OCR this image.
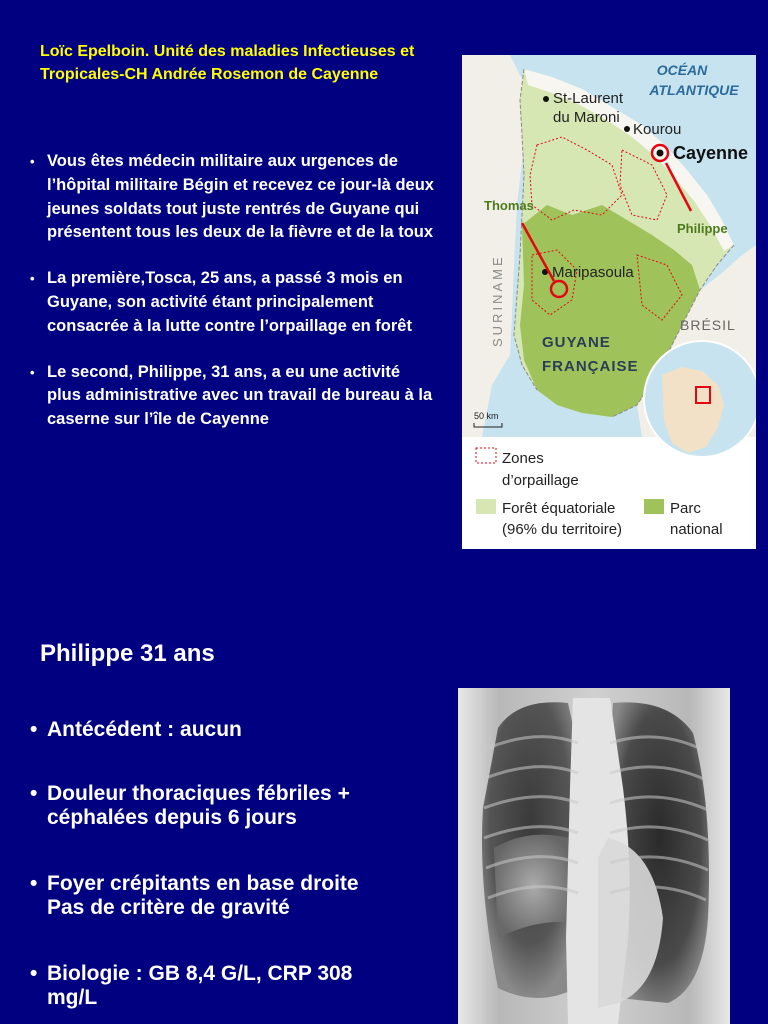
Loïc Epelboin. Unité des maladies Infectieuses et Tropicales-CH Andrée Rosemon de Cayenne
• Vous êtes médecin militaire aux urgences de l’hôpital militaire Bégin et recevez ce jour-là deux jeunes soldats tout juste rentrés de Guyane qui présentent tous les deux de la fièvre et de la toux
• La première,Tosca, 25 ans, a passé 3 mois en Guyane, son activité étant principalement consacrée à la lutte contre l’orpaillage en forêt
• Le second, Philippe, 31 ans, a eu une activité plus administrative avec un travail de bureau à la caserne sur l’île de Cayenne
OCÉAN
ATLANTIQUE
St-Laurent
du Maroni
Kourou
Cayenne
Maripasoula
Thomas
Philippe
SURINAME	BRÉSIL
GUYANE
FRANÇAISE
50 km
Zones
d’orpaillage
Forêt équatoriale
(96% du territoire)
Parc
national
Philippe 31 ans
• Antécédent : aucun
• Douleur thoraciques fébriles +
céphalées depuis 6 jours
• Foyer crépitants en base droite
Pas de critère de gravité
• Biologie : GB 8,4 G/L, CRP 308
mg/L
